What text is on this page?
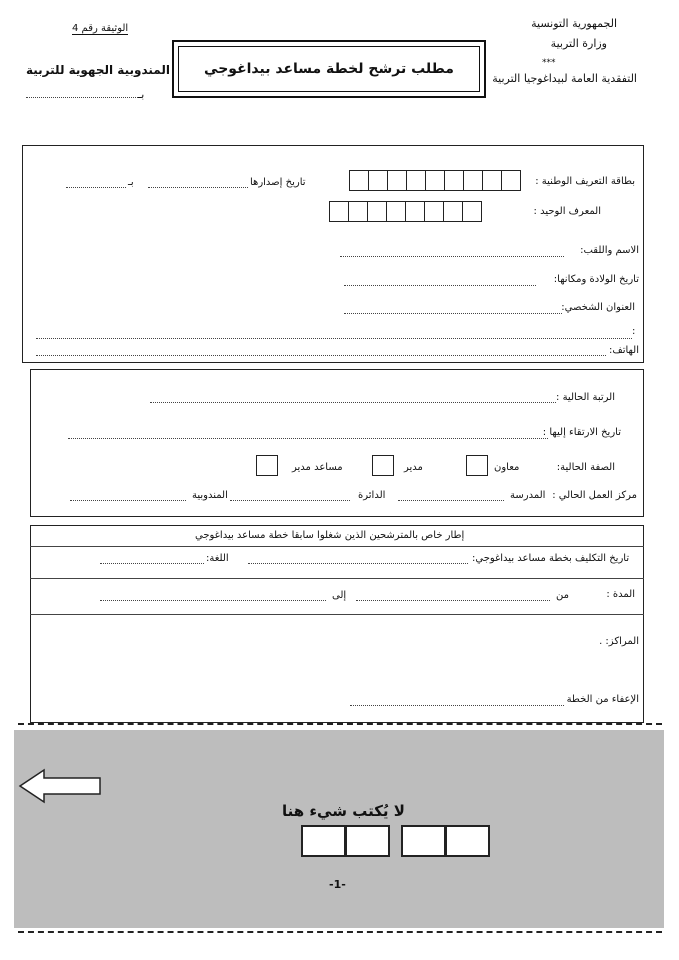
الجمهورية التونسية
وزارة التربية
***
التفقدية العامة لبيداغوجيا التربية
الوثيقة رقم 4
المندوبية الجهوية للتربية
بـ
مطلب ترشح لخطة مساعد بيداغوجي
بطاقة التعريف الوطنية :
تاريخ إصدارها
بـ
المعرف الوحيد :
الاسم واللقب:
تاريخ الولادة ومكانها:
العنوان الشخصي:
:
الهاتف:
الرتبة الحالية :
تاريخ الارتقاء إليها :
الصفة الحالية:
معاون
مدير
مساعد مدير
مركز العمل الحالي :
المدرسة
الدائرة
المندوبية
إطار خاص بالمترشحين الذين شغلوا سابقا خطة مساعد بيداغوجي
تاريخ التكليف بخطة مساعد بيداغوجي:
اللغة:
المدة :
من
إلى
المراكز: .
الإعفاء من الخطة
لا يُكتب شيء هنا
-1-
